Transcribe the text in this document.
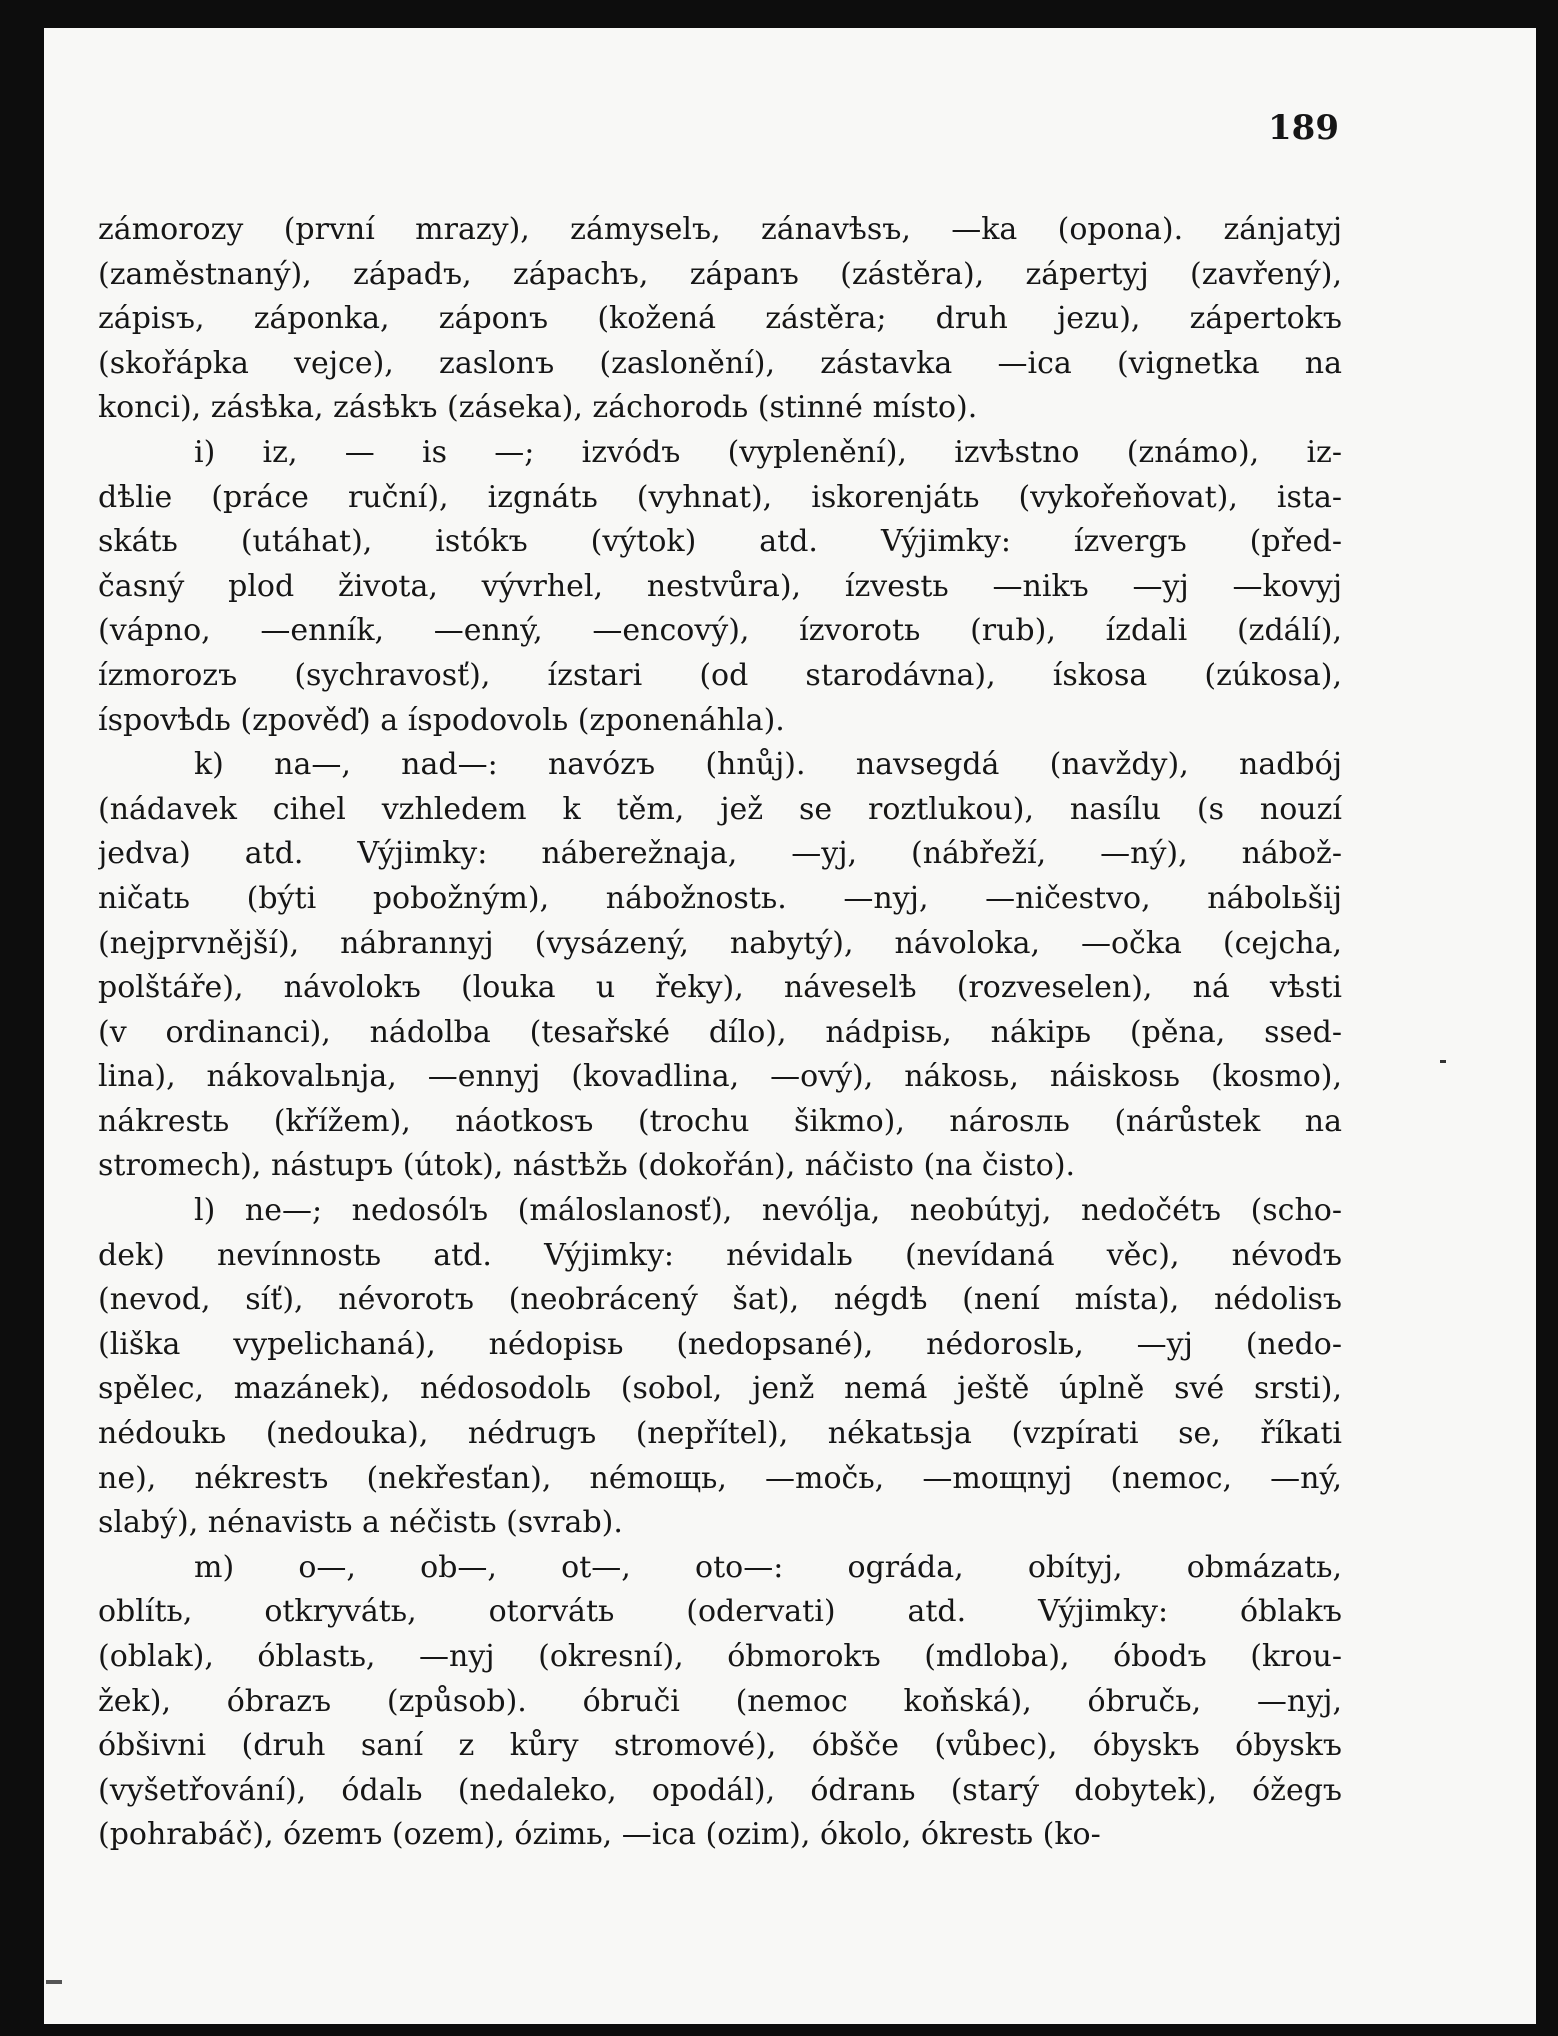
189
zámorozy (první mrazy), zámyselъ, zánavѣsъ, —ka (opona). zánjatyj
(zaměstnaný), západъ, zápachъ, zápanъ (zástěra), zápertyj (zavřený),
zápisъ, záponka, záponъ (kožená zástěra; druh jezu), zápertokъ
(skořápka vejce), zaslonъ (zaslonění), zástavka —ica (vignetka na
konci), zásѣka, zásѣkъ (záseka), záchorodь (stinné místo).
i) iz, — is —; izvódъ (vyplenění), izvѣstno (známo), iz-
dѣlie (práce ruční), izgnátь (vyhnat), iskorenjátь (vykořeňovat), ista-
skátь (utáhat), istókъ (výtok) atd. Výjimky: ízvergъ (před-
časný plod života, vývrhel, nestvůra), ízvestь —nikъ —yj —kovyj
(vápno, —enník, —enný, —encový), ízvorotь (rub), ízdali (zdálí),
ízmorozъ (sychravosť), ízstari (od starodávna), ískosa (zúkosa),
íspovѣdь (zpověď) a íspodovolь (zponenáhla).
k) na—, nad—: navózъ (hnůj). navsegdá (navždy), nadbój
(nádavek cihel vzhledem k těm, jež se roztlukou), nasílu (s nouzí
jedva) atd. Výjimky: náberežnaja, —yj, (nábřeží, —ný), nábož-
ničatь (býti pobožným), nábožnostь. —nyj, —ničestvo, nábolьšij
(nejprvnější), nábrannyj (vysázený, nabytý), návoloka, —očka (cejcha,
polštáře), návolokъ (louka u řeky), náveselѣ (rozveselen), ná vѣsti
(v ordinanci), nádolba (tesařské dílo), nádpisь, nákipь (pěna, ssed-
lina), nákovalьnja, —ennyj (kovadlina, —ový), nákosь, náiskosь (kosmo),
nákrestь (křížem), náotkosъ (trochu šikmo), nárosль (nárůstek na
stromech), nástupъ (útok), nástѣžь (dokořán), náčisto (na čisto).
l) ne—; nedosólъ (máloslanosť), nevólja, neobútyj, nedočétъ (scho-
dek) nevínnostь atd. Výjimky: névidalь (nevídaná věc), névodъ
(nevod, síť), névorotъ (neobrácený šat), négdѣ (není místa), nédolisъ
(liška vypelichaná), nédopisь (nedopsané), nédoroslь, —yj (nedo-
spělec, mazánek), nédosodolь (sobol, jenž nemá ještě úplně své srsti),
nédoukь (nedouka), nédrugъ (nepřítel), nékatьsja (vzpírati se, říkati
ne), nékrestъ (nekřesťan), némoщь, —močь, —moщnyj (nemoc, —ný,
slabý), nénavistь a néčistь (svrab).
m) o—, ob—, ot—, oto—: ográda, obítyj, obmázatь,
oblítь, otkryvátь, otorvátь (odervati) atd. Výjimky: óblakъ
(oblak), óblastь, —nyj (okresní), óbmorokъ (mdloba), óbodъ (krou-
žek), óbrazъ (způsob). óbruči (nemoc koňská), óbručь, —nyj,
óbšivni (druh saní z kůry stromové), óbšče (vůbec), óbyskъ óbyskъ
(vyšetřování), ódalь (nedaleko, opodál), ódranь (starý dobytek), óžegъ
(pohrabáč), ózemъ (ozem), ózimь, —ica (ozim), ókolo, ókrestь (ko-
